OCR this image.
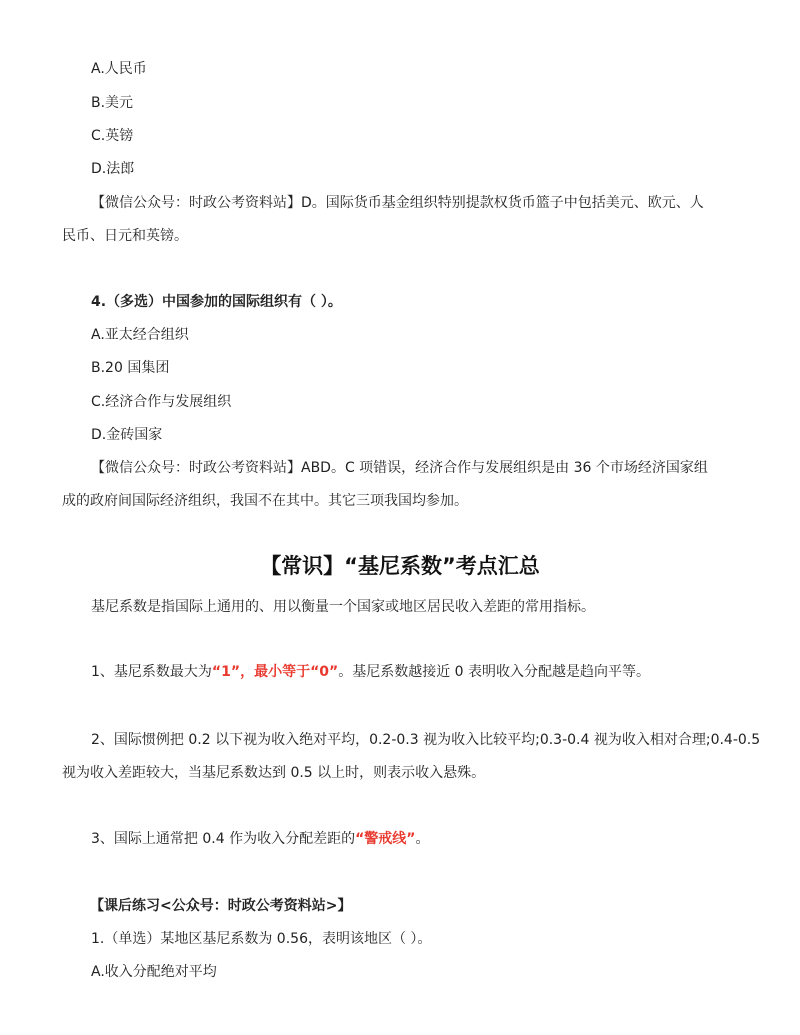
A.人民币
B.美元
C.英镑
D.法郎
【微信公众号：时政公考资料站】D。国际货币基金组织特别提款权货币篮子中包括美元、欧元、人
民币、日元和英镑。
4.（多选）中国参加的国际组织有（ ）。
A.亚太经合组织
B.20 国集团
C.经济合作与发展组织
D.金砖国家
【微信公众号：时政公考资料站】ABD。C 项错误，经济合作与发展组织是由 36 个市场经济国家组
成的政府间国际经济组织，我国不在其中。其它三项我国均参加。
【常识】“基尼系数”考点汇总
基尼系数是指国际上通用的、用以衡量一个国家或地区居民收入差距的常用指标。
1、基尼系数最大为“1”，最小等于“0”。基尼系数越接近 0 表明收入分配越是趋向平等。
2、国际惯例把 0.2 以下视为收入绝对平均，0.2-0.3 视为收入比较平均;0.3-0.4 视为收入相对合理;0.4-0.5
视为收入差距较大，当基尼系数达到 0.5 以上时，则表示收入悬殊。
3、国际上通常把 0.4 作为收入分配差距的“警戒线”。
【课后练习<公众号：时政公考资料站>】
1.（单选）某地区基尼系数为 0.56，表明该地区（ ）。
A.收入分配绝对平均
